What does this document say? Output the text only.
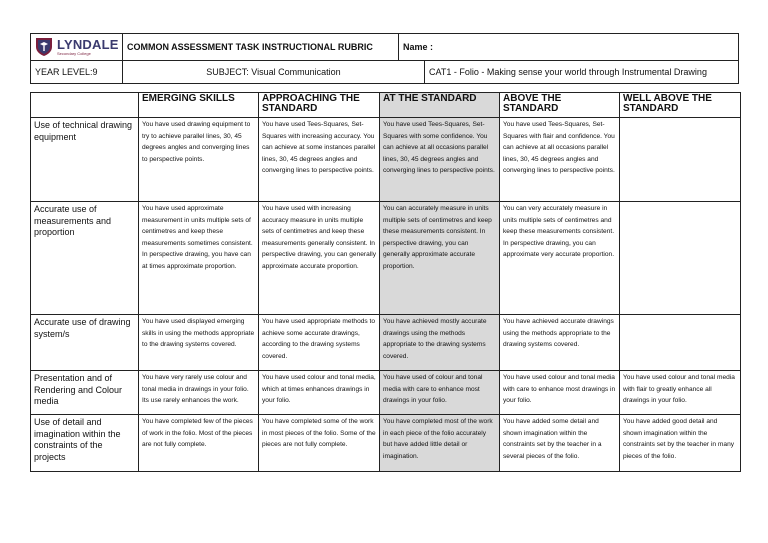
LYNDALE
Secondary College	COMMON ASSESSMENT TASK INSTRUCTIONAL RUBRIC	Name :	
YEAR LEVEL:9	SUBJECT: Visual Communication		CAT1 - Folio - Making sense your world through Instrumental Drawing
	EMERGING SKILLS	APPROACHING THE STANDARD	AT THE STANDARD	ABOVE THE STANDARD	WELL ABOVE THE STANDARD
Use of technical drawing equipment	You have used drawing equipment to try to achieve parallel lines, 30, 45 degrees angles and converging lines to perspective points.	You have used Tees-Squares, Set-Squares with increasing accuracy. You can achieve at some instances parallel lines, 30, 45 degrees angles and converging lines to perspective points.	You have used Tees-Squares, Set-Squares with some confidence. You can achieve at all occasions parallel lines, 30, 45 degrees angles and converging lines to perspective points.	You have used Tees-Squares, Set-Squares with flair and confidence. You can achieve at all occasions parallel lines, 30, 45 degrees angles and converging lines to perspective points.	
Accurate use of measurements and proportion	You have used approximate measurement in units multiple sets of centimetres and keep these measurements sometimes consistent. In perspective drawing, you have can at times approximate proportion.	You have used with increasing accuracy measure in units multiple sets of centimetres and keep these measurements generally consistent. In perspective drawing, you can generally approximate accurate proportion.	You can accurately measure in units multiple sets of centimetres and keep these measurements consistent. In perspective drawing, you can generally approximate accurate proportion.	You can very accurately measure in units multiple sets of centimetres and keep these measurements consistent. In perspective drawing, you can approximate very accurate proportion.	
Accurate use of drawing system/s	You have used displayed emerging skills in using the methods appropriate to the drawing systems covered.	You have used appropriate methods to achieve some accurate drawings, according to the drawing systems covered.	You have achieved mostly accurate drawings using the methods appropriate to the drawing systems covered.	You have achieved accurate drawings using the methods appropriate to the drawing systems covered.	
Presentation and of Rendering and Colour media	You have very rarely use colour and tonal media in drawings in your folio. Its use rarely enhances the work.	You have used colour and tonal media, which at times enhances drawings in your folio.	You have used of colour and tonal media with care to enhance most drawings in your folio.	You have used colour and tonal media with care to enhance most drawings in your folio.	You have used colour and tonal media with flair to greatly enhance all drawings in your folio.
Use of detail and imagination within the constraints of the projects	You have completed few of the pieces of work in the folio. Most of the pieces are not fully complete.	You have completed some of the work in most pieces of the folio. Some of the pieces are not fully complete.	You have completed most of the work in each piece of the folio accurately but have added little detail or imagination.	You have added some detail and shown imagination within the constraints set by the teacher in a several pieces of the folio.	You have added good detail and shown imagination within the constraints set by the teacher in many pieces of the folio.
